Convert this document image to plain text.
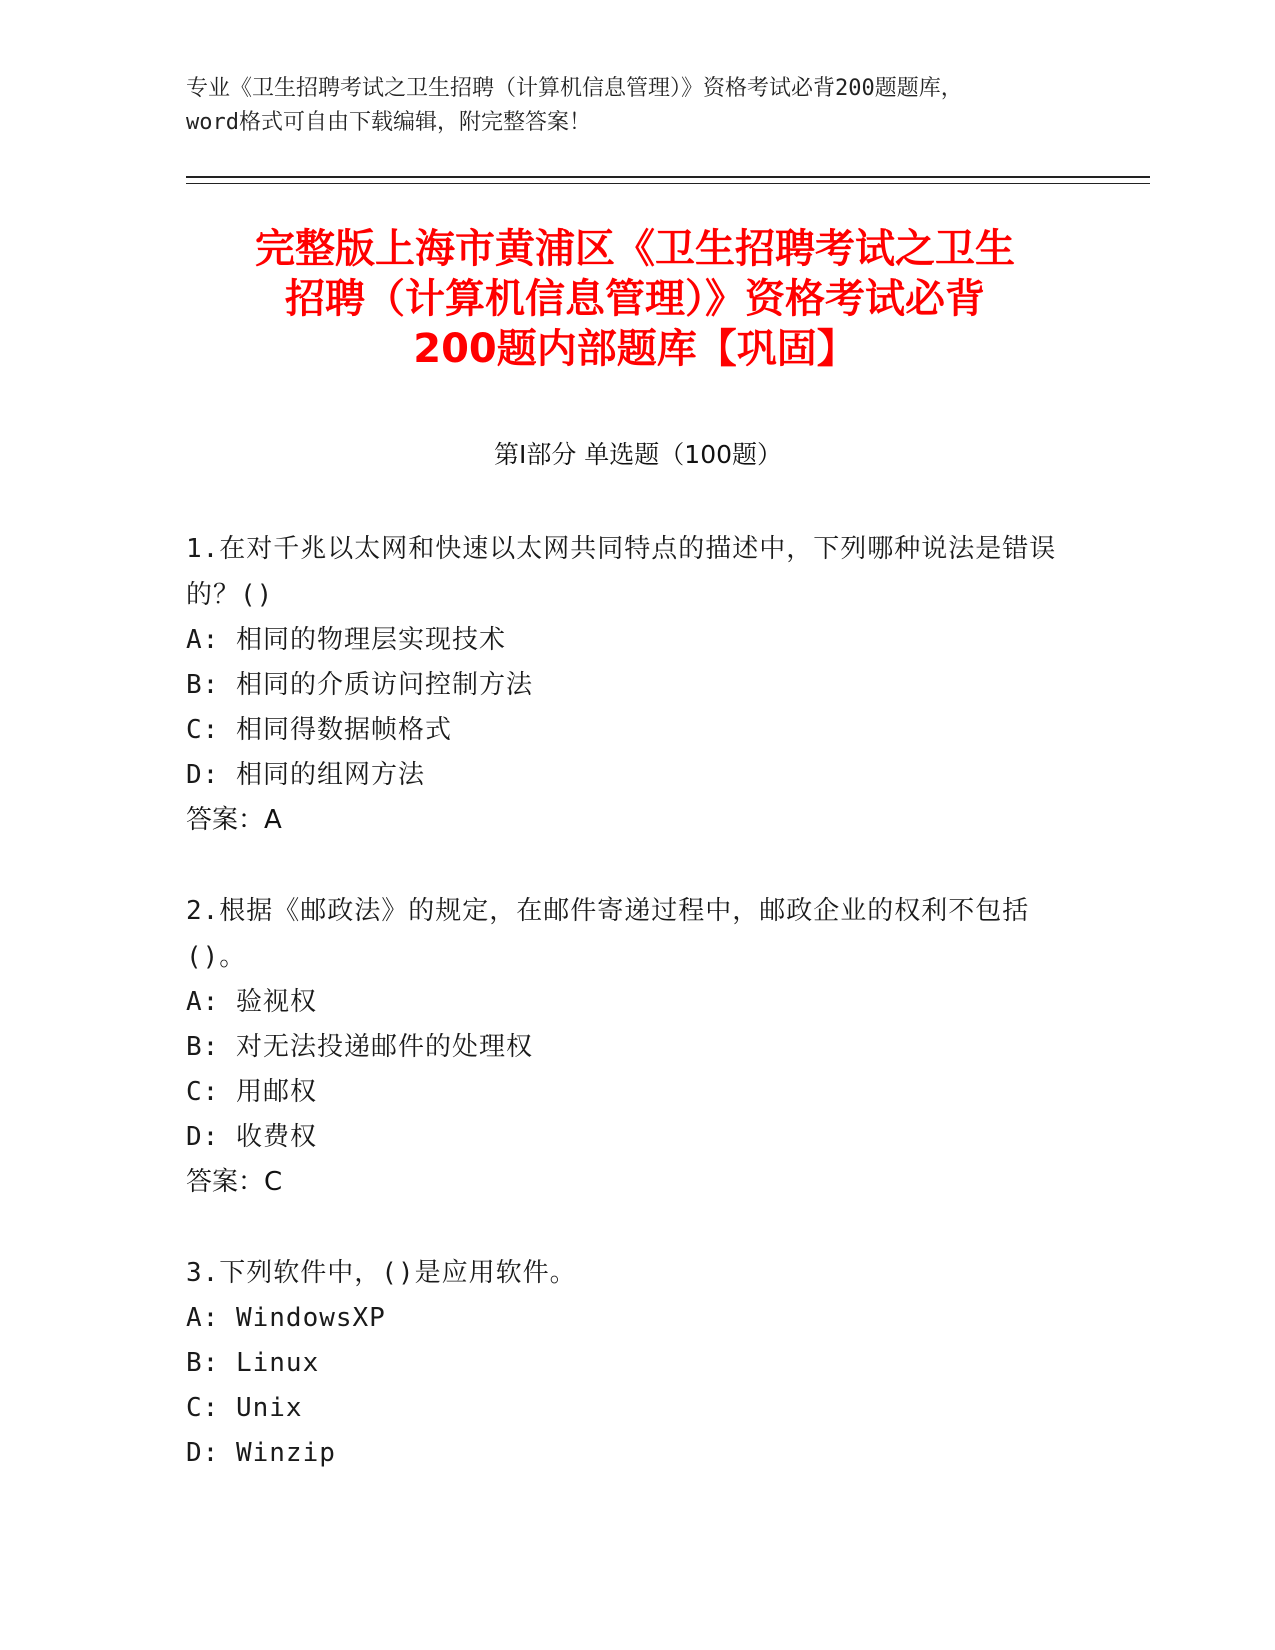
专业《卫生招聘考试之卫生招聘（计算机信息管理）》资格考试必背200题题库，
word格式可自由下载编辑，附完整答案！
完整版上海市黄浦区《卫生招聘考试之卫生
招聘（计算机信息管理）》资格考试必背
200题内部题库【巩固】
第Ⅰ部分 单选题（100题）
1.在对千兆以太网和快速以太网共同特点的描述中，下列哪种说法是错误的？()
A: 相同的物理层实现技术
B: 相同的介质访问控制方法
C: 相同得数据帧格式
D: 相同的组网方法
答案：A
2.根据《邮政法》的规定，在邮件寄递过程中，邮政企业的权利不包括()。
A: 验视权
B: 对无法投递邮件的处理权
C: 用邮权
D: 收费权
答案：C
3.下列软件中，()是应用软件。
A: WindowsXP
B: Linux
C: Unix
D: Winzip
